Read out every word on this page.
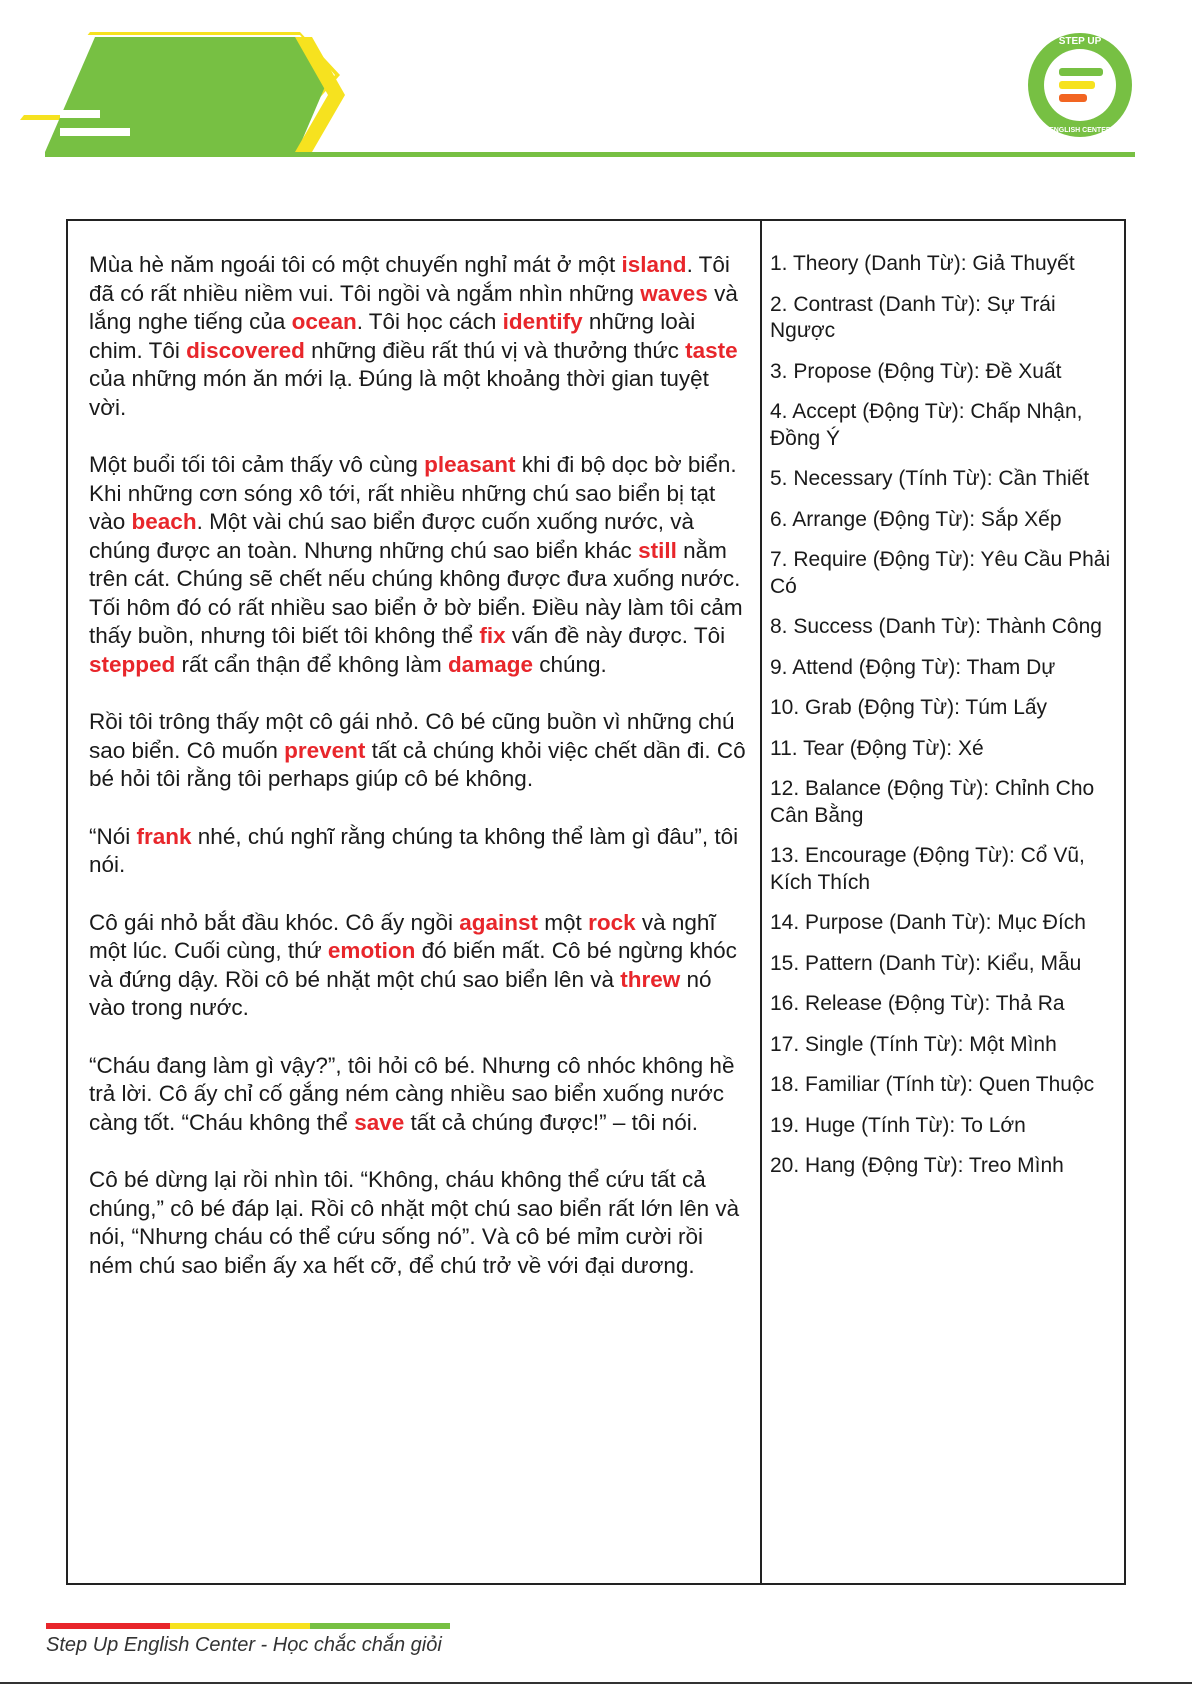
STEP UP
ENGLISH CENTER

Mùa hè năm ngoái tôi có một chuyến nghỉ mát ở một island. Tôi đã có rất nhiều niềm vui. Tôi ngồi và ngắm nhìn những waves và lắng nghe tiếng của ocean. Tôi học cách identify những loài chim. Tôi discovered những điều rất thú vị và thưởng thức taste của những món ăn mới lạ. Đúng là một khoảng thời gian tuyệt vời.

Một buổi tối tôi cảm thấy vô cùng pleasant khi đi bộ dọc bờ biển. Khi những cơn sóng xô tới, rất nhiều những chú sao biển bị tạt vào beach. Một vài chú sao biển được cuốn xuống nước, và chúng được an toàn. Nhưng những chú sao biển khác still nằm trên cát. Chúng sẽ chết nếu chúng không được đưa xuống nước. Tối hôm đó có rất nhiều sao biển ở bờ biển. Điều này làm tôi cảm thấy buồn, nhưng tôi biết tôi không thể fix vấn đề này được. Tôi stepped rất cẩn thận để không làm damage chúng.

Rồi tôi trông thấy một cô gái nhỏ. Cô bé cũng buồn vì những chú sao biển. Cô muốn prevent tất cả chúng khỏi việc chết dần đi. Cô bé hỏi tôi rằng tôi perhaps giúp cô bé không.

“Nói frank nhé, chú nghĩ rằng chúng ta không thể làm gì đâu”, tôi nói.

Cô gái nhỏ bắt đầu khóc. Cô ấy ngồi against một rock và nghĩ một lúc. Cuối cùng, thứ emotion đó biến mất. Cô bé ngừng khóc và đứng dậy. Rồi cô bé nhặt một chú sao biển lên và threw nó vào trong nước.

“Cháu đang làm gì vậy?”, tôi hỏi cô bé. Nhưng cô nhóc không hề trả lời. Cô ấy chỉ cố gắng ném càng nhiều sao biển xuống nước càng tốt. “Cháu không thể save tất cả chúng được!” – tôi nói.

Cô bé dừng lại rồi nhìn tôi. “Không, cháu không thể cứu tất cả chúng,” cô bé đáp lại. Rồi cô nhặt một chú sao biển rất lớn lên và nói, “Nhưng cháu có thể cứu sống nó”. Và cô bé mỉm cười rồi ném chú sao biển ấy xa hết cỡ, để chú trở về với đại dương.

1. Theory (Danh Từ): Giả Thuyết
2. Contrast (Danh Từ): Sự Trái Ngược
3. Propose (Động Từ): Đề Xuất
4. Accept (Động Từ): Chấp Nhận, Đồng Ý
5. Necessary (Tính Từ): Cần Thiết
6. Arrange (Động Từ): Sắp Xếp
7. Require (Động Từ): Yêu Cầu Phải Có
8. Success (Danh Từ): Thành Công
9. Attend (Động Từ): Tham Dự
10. Grab (Động Từ): Túm Lấy
11. Tear (Động Từ): Xé
12. Balance (Động Từ): Chỉnh Cho Cân Bằng
13. Encourage (Động Từ): Cổ Vũ, Kích Thích
14. Purpose (Danh Từ): Mục Đích
15. Pattern (Danh Từ): Kiểu, Mẫu
16. Release (Động Từ): Thả Ra
17. Single (Tính Từ): Một Mình
18. Familiar (Tính từ): Quen Thuộc
19. Huge (Tính Từ): To Lớn
20. Hang (Động Từ): Treo Mình
Step Up English Center - Học chắc chắn giỏi
